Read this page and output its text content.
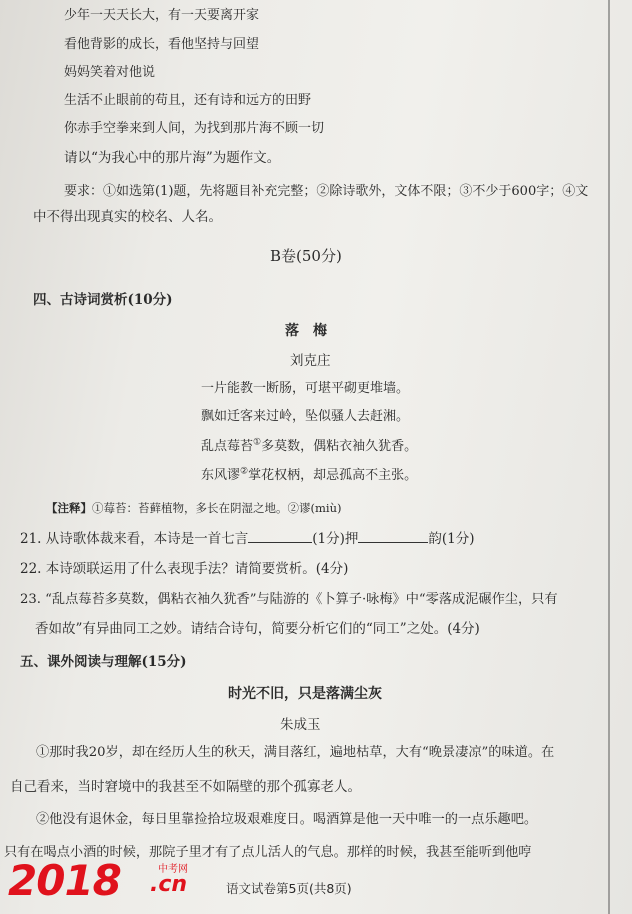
少年一天天长大，有一天要离开家
看他背影的成长，看他坚持与回望
妈妈笑着对他说
生活不止眼前的苟且，还有诗和远方的田野
你赤手空拳来到人间，为找到那片海不顾一切
请以“为我心中的那片海”为题作文。
要求：①如选第(1)题，先将题目补充完整；②除诗歌外，文体不限；③不少于600字；④文
中不得出现真实的校名、人名。
B卷(50分)
四、古诗词赏析(10分)
落　梅
刘克庄
一片能教一断肠，可堪平砌更堆墙。
飘如迁客来过岭，坠似骚人去赶湘。
乱点莓苔①多莫数，偶粘衣袖久犹香。
东风谬②掌花权柄，却忌孤高不主张。
【注释】①莓苔：苔藓植物，多长在阴湿之地。②谬(miù)
21. 从诗歌体裁来看，本诗是一首七言	(1分)押	韵(1分)
22. 本诗颂联运用了什么表现手法？请简要赏析。(4分)
23. “乱点莓苔多莫数，偶粘衣袖久犹香”与陆游的《卜算子·咏梅》中“零落成泥碾作尘，只有
香如故”有异曲同工之妙。请结合诗句，简要分析它们的“同工”之处。(4分)
五、课外阅读与理解(15分)
时光不旧，只是落满尘灰
朱成玉
①那时我20岁，却在经历人生的秋天，满目落红，遍地枯草，大有“晚景凄凉”的味道。在
自己看来，当时窘境中的我甚至不如隔壁的那个孤寡老人。
②他没有退休金，每日里靠捡拾垃圾艰难度日。喝酒算是他一天中唯一的一点乐趣吧。
只有在喝点小酒的时候，那院子里才有了点儿活人的气息。那样的时候，我甚至能听到他哼
语文试卷第5页(共8页)
2018	中考网
.cn
